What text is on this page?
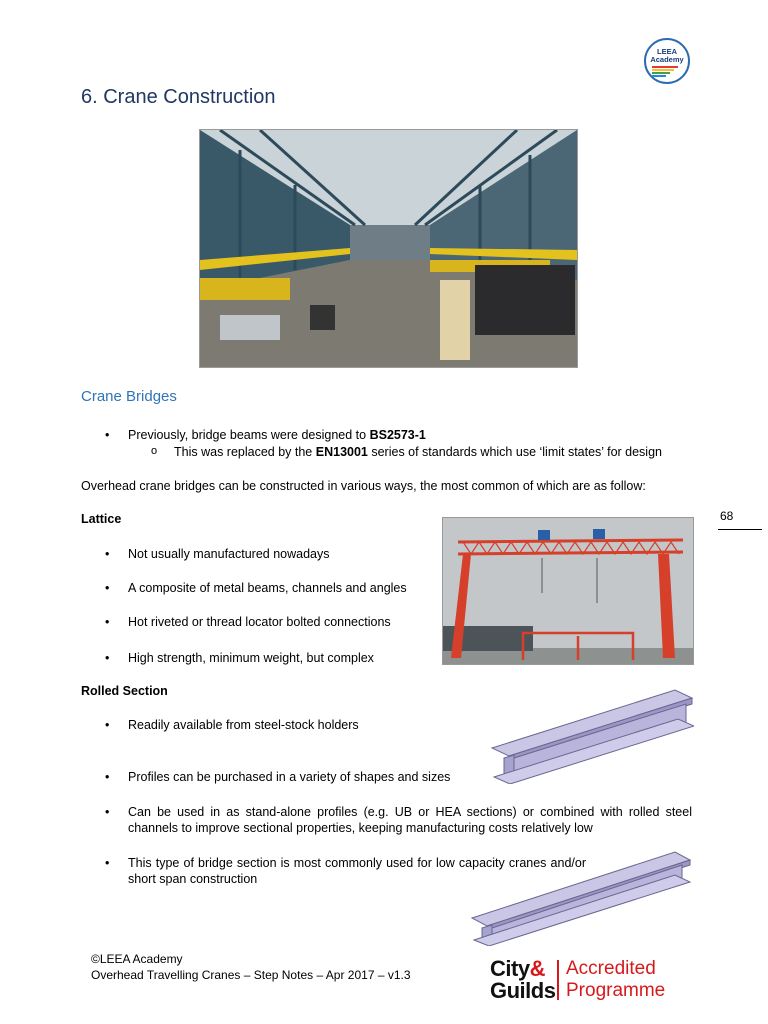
LEEA Academy
6. Crane Construction
Crane Bridges
• Previously, bridge beams were designed to BS2573-1
o This was replaced by the EN13001 series of standards which use ‘limit states’ for design
Overhead crane bridges can be constructed in various ways, the most common of which are as follow:
68
Lattice
• Not usually manufactured nowadays
• A composite of metal beams, channels and angles
• Hot riveted or thread locator bolted connections
• High strength, minimum weight, but complex
Rolled Section
• Readily available from steel-stock holders
• Profiles can be purchased in a variety of shapes and sizes
• Can be used in as stand-alone profiles (e.g. UB or HEA sections) or combined with rolled steel channels to improve sectional properties, keeping manufacturing costs relatively low
• This type of bridge section is most commonly used for low capacity cranes and/or short span construction
©LEEA Academy
Overhead Travelling Cranes – Step Notes – Apr 2017 – v1.3	City&
Guilds
Accredited
Programme
